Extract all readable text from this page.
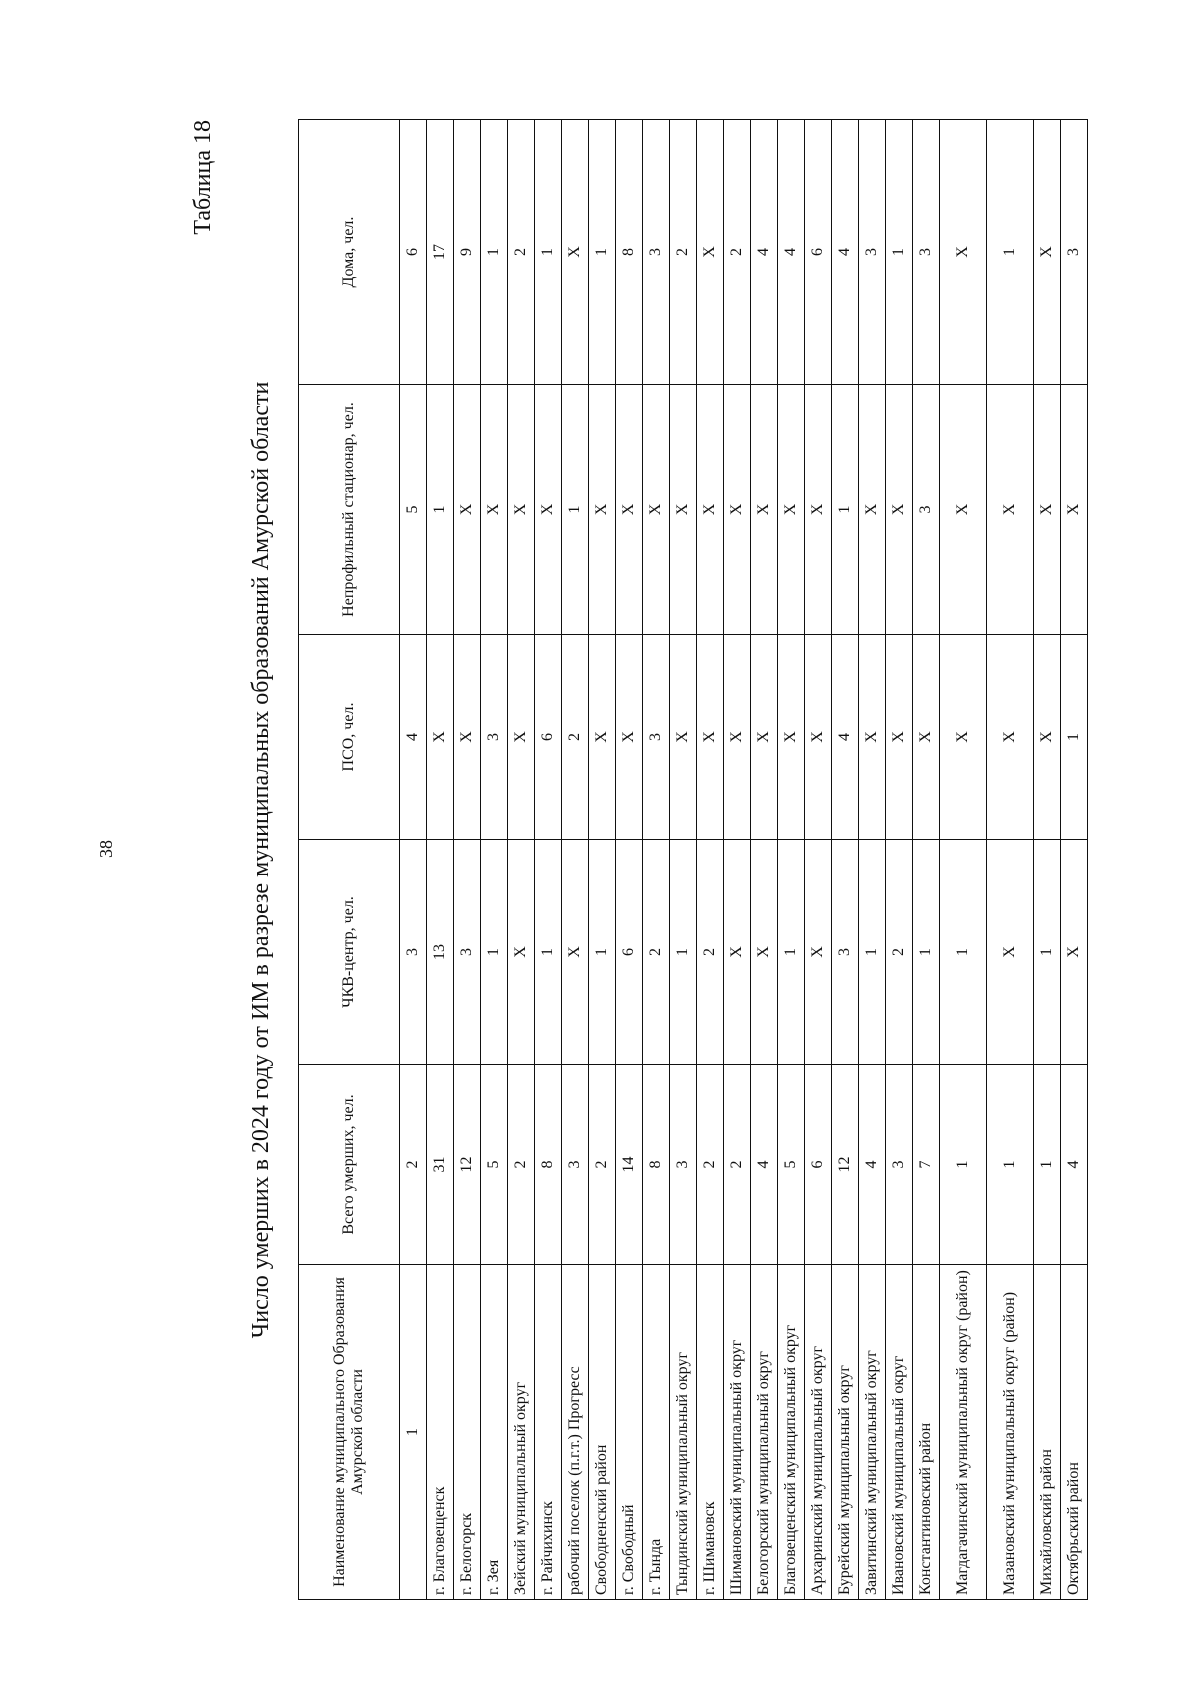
38
Таблица 18
Число умерших в 2024 году от ИМ в разрезе муниципальных образований Амурской области
Наименование муниципального Образования Амурской области	Всего умерших, чел.	ЧКВ-центр, чел.	ПСО, чел.	Непрофильный стационар, чел.	Дома, чел.
1	2	3	4	5	6
г. Благовещенск	31	13	Х	1	17
г. Белогорск	12	3	Х	Х	9
г. Зея	5	1	3	Х	1
Зейский муниципальный округ	2	Х	Х	Х	2
г. Райчихинск	8	1	6	Х	1
рабочий поселок (п.г.т.) Прогресс	3	Х	2	1	Х
Свободненский район	2	1	Х	Х	1
г. Свободный	14	6	Х	Х	8
г. Тында	8	2	3	Х	3
Тындинский муниципальный округ	3	1	Х	Х	2
г. Шимановск	2	2	Х	Х	Х
Шимановский муниципальный округ	2	Х	Х	Х	2
Белогорский муниципальный округ	4	Х	Х	Х	4
Благовещенский муниципальный округ	5	1	Х	Х	4
Архаринский муниципальный округ	6	Х	Х	Х	6
Бурейский муниципальный округ	12	3	4	1	4
Завитинский муниципальный округ	4	1	Х	Х	3
Ивановский муниципальный округ	3	2	Х	Х	1
Константиновский район	7	1	Х	3	3
Магдагачинский муниципальный округ (район)	1	1	Х	Х	Х
Мазановский муниципальный округ (район)	1	Х	Х	Х	1
Михайловский район	1	1	Х	Х	Х
Октябрьский район	4	Х	1	Х	3
